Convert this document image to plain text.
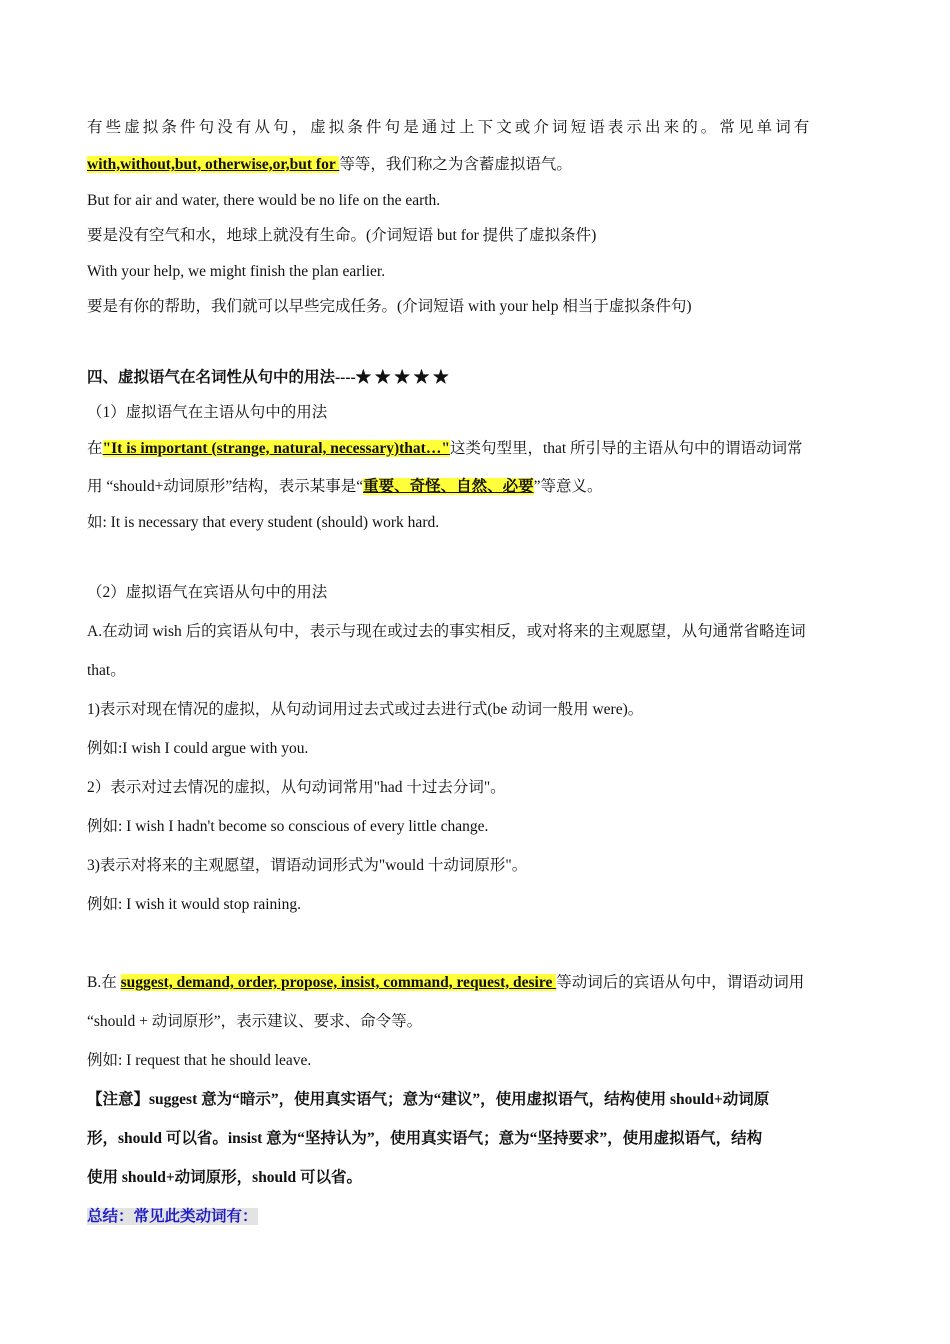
有些虚拟条件句没有从句，虚拟条件句是通过上下文或介词短语表示出来的。常见单词有
with,without,but, otherwise,or,but for 等等，我们称之为含蓄虚拟语气。
But for air and water, there would be no life on the earth.
要是没有空气和水，地球上就没有生命。(介词短语 but for 提供了虚拟条件)
With your help, we might finish the plan earlier.
要是有你的帮助，我们就可以早些完成任务。(介词短语 with your help 相当于虚拟条件句)
四、虚拟语气在名词性从句中的用法----★ ★ ★ ★ ★
（1）虚拟语气在主语从句中的用法
在"It is important (strange, natural, necessary)that…"这类句型里，that 所引导的主语从句中的谓语动词常
用 “should+动词原形”结构，表示某事是“重要、奇怪、自然、必要”等意义。
如: It is necessary that every student (should) work hard.
（2）虚拟语气在宾语从句中的用法
A.在动词 wish 后的宾语从句中，表示与现在或过去的事实相反，或对将来的主观愿望，从句通常省略连词
that。
1)表示对现在情况的虚拟，从句动词用过去式或过去进行式(be 动词一般用 were)。
例如:I wish I could argue with you.
2）表示对过去情况的虚拟，从句动词常用"had 十过去分词"。
例如: I wish I hadn't become so conscious of every little change.
3)表示对将来的主观愿望，谓语动词形式为"would 十动词原形"。
例如: I wish it would stop raining.
B.在 suggest, demand, order, propose, insist, command, request, desire 等动词后的宾语从句中，谓语动词用
“should + 动词原形”，表示建议、要求、命令等。
例如: I request that he should leave.
【注意】suggest 意为“暗示”，使用真实语气；意为“建议”，使用虚拟语气，结构使用 should+动词原
形，should 可以省。insist 意为“坚持认为”，使用真实语气；意为“坚持要求”，使用虚拟语气，结构
使用 should+动词原形，should 可以省。
总结：常见此类动词有：
